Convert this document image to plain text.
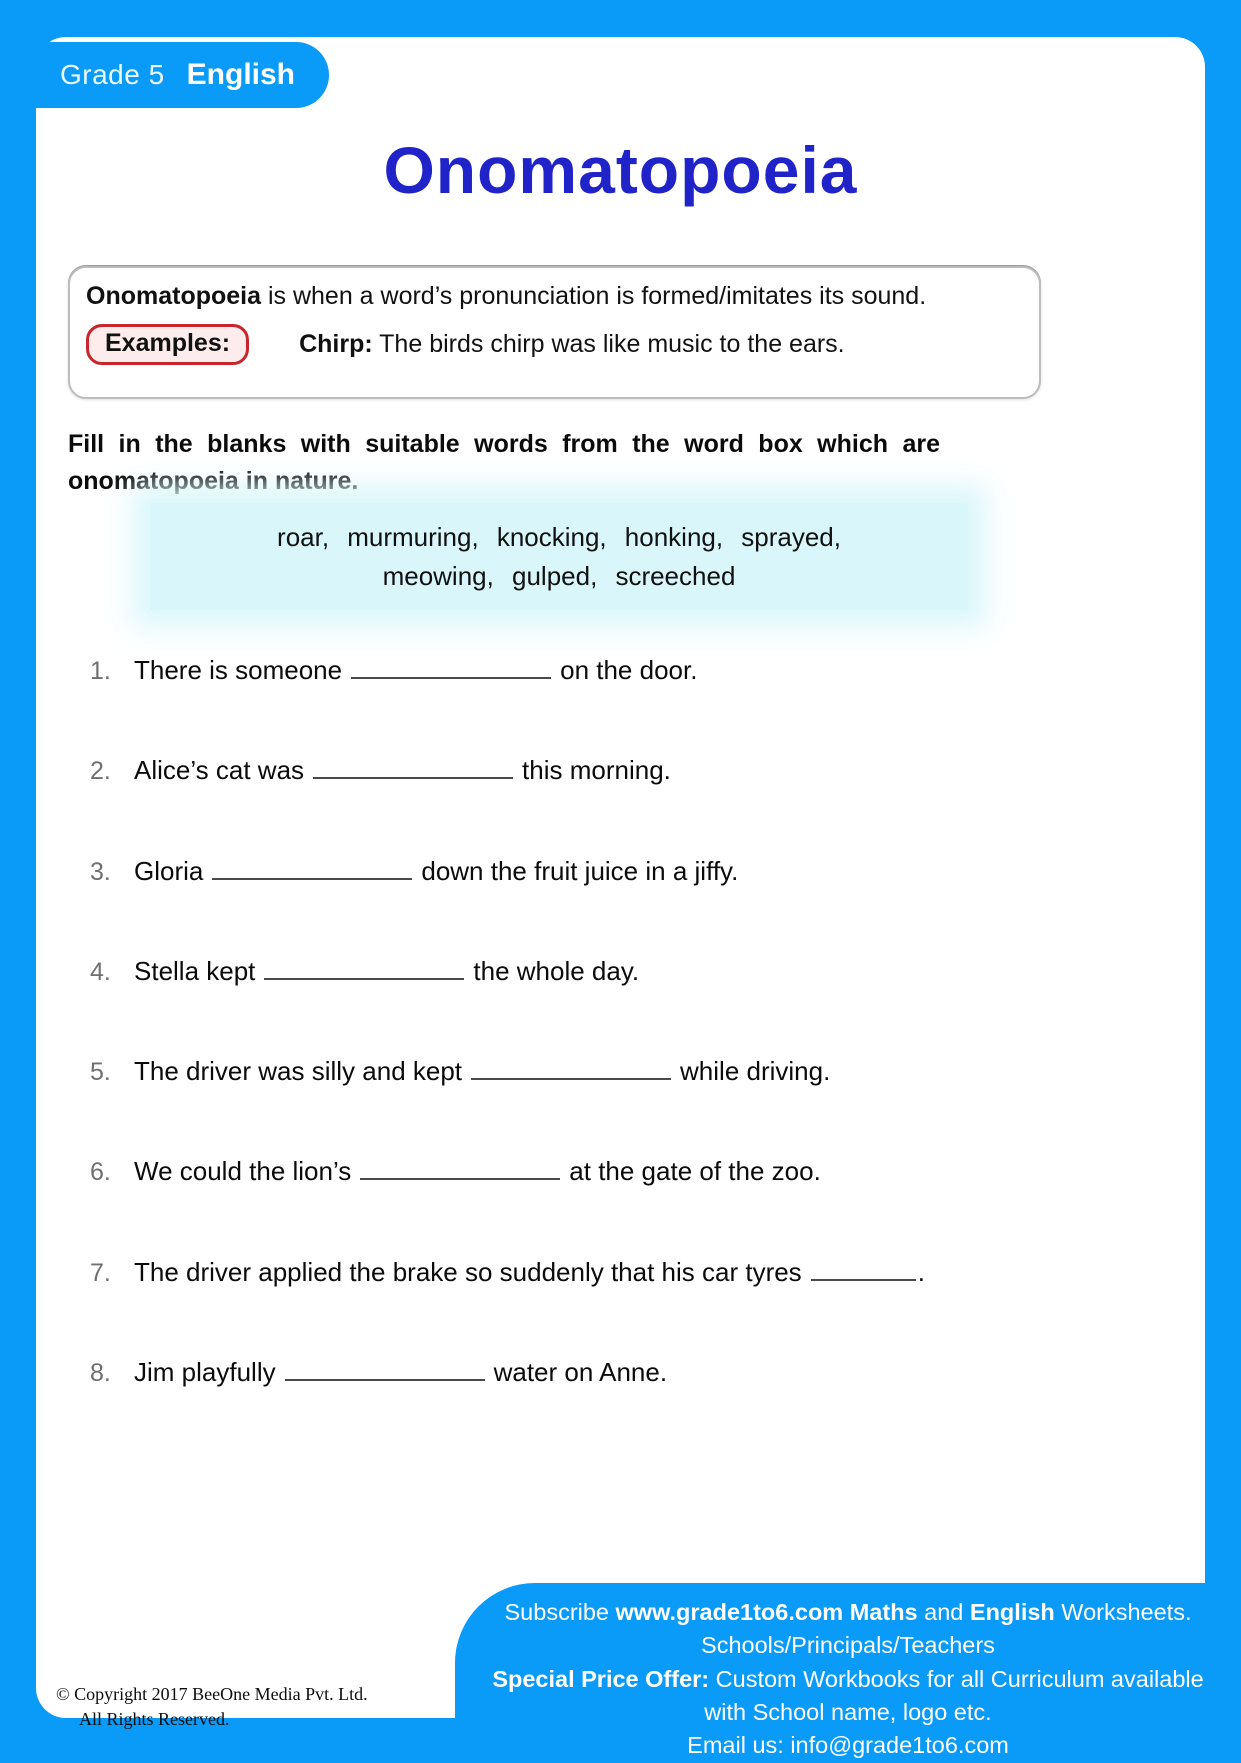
Grade 5 English
Onomatopoeia
Onomatopoeia is when a word’s pronunciation is formed/imitates its sound.
Examples:	Chirp: The birds chirp was like music to the ears.
Fill in the blanks with suitable words from the word box which are onomatopoeia in nature.
roar, murmuring, knocking, honking, sprayed,
meowing, gulped, screeched
1. There is someone	on the door.

2. Alice’s cat was	this morning.

3. Gloria	down the fruit juice in a jiffy.

4. Stella kept	the whole day.

5. The driver was silly and kept	while driving.

6. We could the lion’s	at the gate of the zoo.

7. The driver applied the brake so suddenly that his car tyres	.

8. Jim playfully	water on Anne.

Subscribe www.grade1to6.com Maths and English Worksheets.
Schools/Principals/Teachers
Special Price Offer: Custom Workbooks for all Curriculum available
with School name, logo etc.
Email us: info@grade1to6.com
© Copyright 2017 BeeOne Media Pvt. Ltd.
All Rights Reserved.
